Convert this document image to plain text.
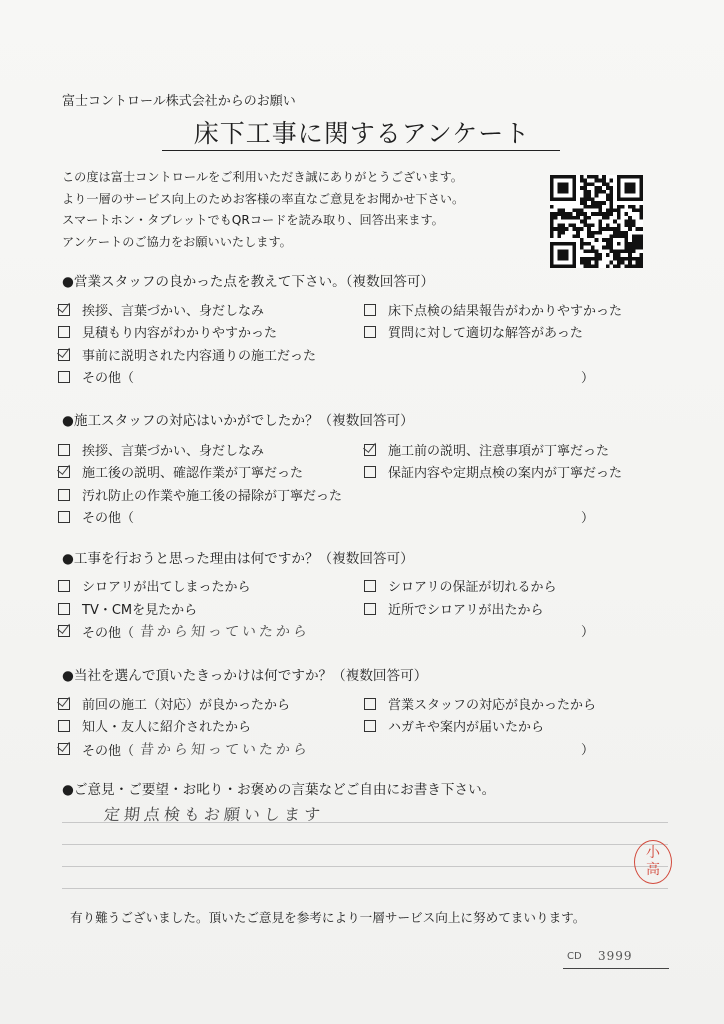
富士コントロール株式会社からのお願い
床下工事に関するアンケート
この度は富士コントロールをご利用いただき誠にありがとうございます。
より一層のサービス向上のためお客様の率直なご意見をお聞かせ下さい。
スマートホン・タブレットでもQRコードを読み取り、回答出来ます。
アンケートのご協力をお願いいたします。
●営業スタッフの良かった点を教えて下さい。（複数回答可）
挨拶、言葉づかい、身だしなみ	床下点検の結果報告がわかりやすかった
見積もり内容がわかりやすかった	質問に対して適切な解答があった
事前に説明された内容通りの施工だった
その他（	）
●施工スタッフの対応はいかがでしたか？（複数回答可）
挨拶、言葉づかい、身だしなみ	施工前の説明、注意事項が丁寧だった
施工後の説明、確認作業が丁寧だった	保証内容や定期点検の案内が丁寧だった
汚れ防止の作業や施工後の掃除が丁寧だった
その他（	）
●工事を行おうと思った理由は何ですか？（複数回答可）
シロアリが出てしまったから	シロアリの保証が切れるから
TV・CMを見たから	近所でシロアリが出たから
その他（ 昔から知っていたから	）
●当社を選んで頂いたきっかけは何ですか？（複数回答可）
前回の施工（対応）が良かったから	営業スタッフの対応が良かったから
知人・友人に紹介されたから	ハガキや案内が届いたから
その他（ 昔から知っていたから	）
●ご意見・ご要望・お叱り・お褒めの言葉などご自由にお書き下さい。
定期点検もお願いします
小
高
有り難うございました。頂いたご意見を参考により一層サービス向上に努めてまいります。
CD 3999
